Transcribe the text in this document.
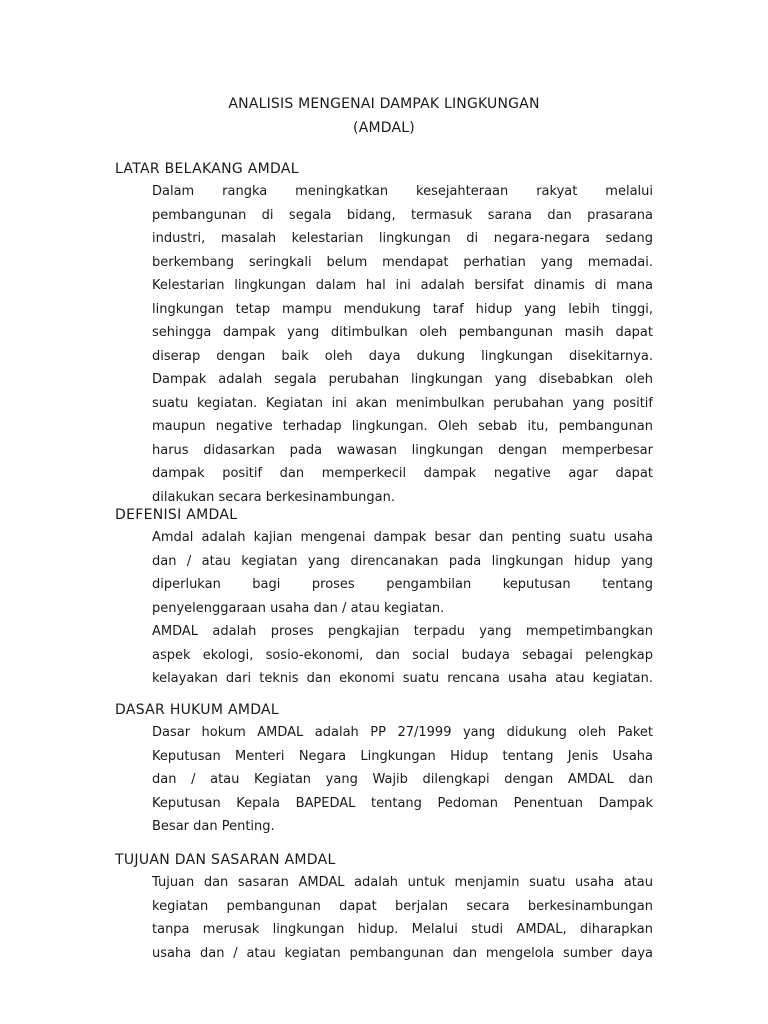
ANALISIS MENGENAI DAMPAK LINGKUNGAN
(AMDAL)
LATAR BELAKANG AMDAL
Dalam rangka meningkatkan kesejahteraan rakyat melalui
pembangunan di segala bidang, termasuk sarana dan prasarana
industri, masalah kelestarian lingkungan di negara-negara sedang
berkembang seringkali belum mendapat perhatian yang memadai.
Kelestarian lingkungan dalam hal ini adalah bersifat dinamis di mana
lingkungan tetap mampu mendukung taraf hidup yang lebih tinggi,
sehingga dampak yang ditimbulkan oleh pembangunan masih dapat
diserap dengan baik oleh daya dukung lingkungan disekitarnya.
Dampak adalah segala perubahan lingkungan yang disebabkan oleh
suatu kegiatan. Kegiatan ini akan menimbulkan perubahan yang positif
maupun negative terhadap lingkungan. Oleh sebab itu, pembangunan
harus didasarkan pada wawasan lingkungan dengan memperbesar
dampak positif dan memperkecil dampak negative agar dapat
dilakukan secara berkesinambungan.
DEFENISI AMDAL
Amdal adalah kajian mengenai dampak besar dan penting suatu usaha
dan / atau kegiatan yang direncanakan pada lingkungan hidup yang
diperlukan bagi proses pengambilan keputusan tentang
penyelenggaraan usaha dan / atau kegiatan.
AMDAL adalah proses pengkajian terpadu yang mempetimbangkan
aspek ekologi, sosio-ekonomi, dan social budaya sebagai pelengkap
kelayakan dari teknis dan ekonomi suatu rencana usaha atau kegiatan.
DASAR HUKUM AMDAL
Dasar hokum AMDAL adalah PP 27/1999 yang didukung oleh Paket
Keputusan Menteri Negara Lingkungan Hidup tentang Jenis Usaha
dan / atau Kegiatan yang Wajib dilengkapi dengan AMDAL dan
Keputusan Kepala BAPEDAL tentang Pedoman Penentuan Dampak
Besar dan Penting.
TUJUAN DAN SASARAN AMDAL
Tujuan dan sasaran AMDAL adalah untuk menjamin suatu usaha atau
kegiatan pembangunan dapat berjalan secara berkesinambungan
tanpa merusak lingkungan hidup. Melalui studi AMDAL, diharapkan
usaha dan / atau kegiatan pembangunan dan mengelola sumber daya
